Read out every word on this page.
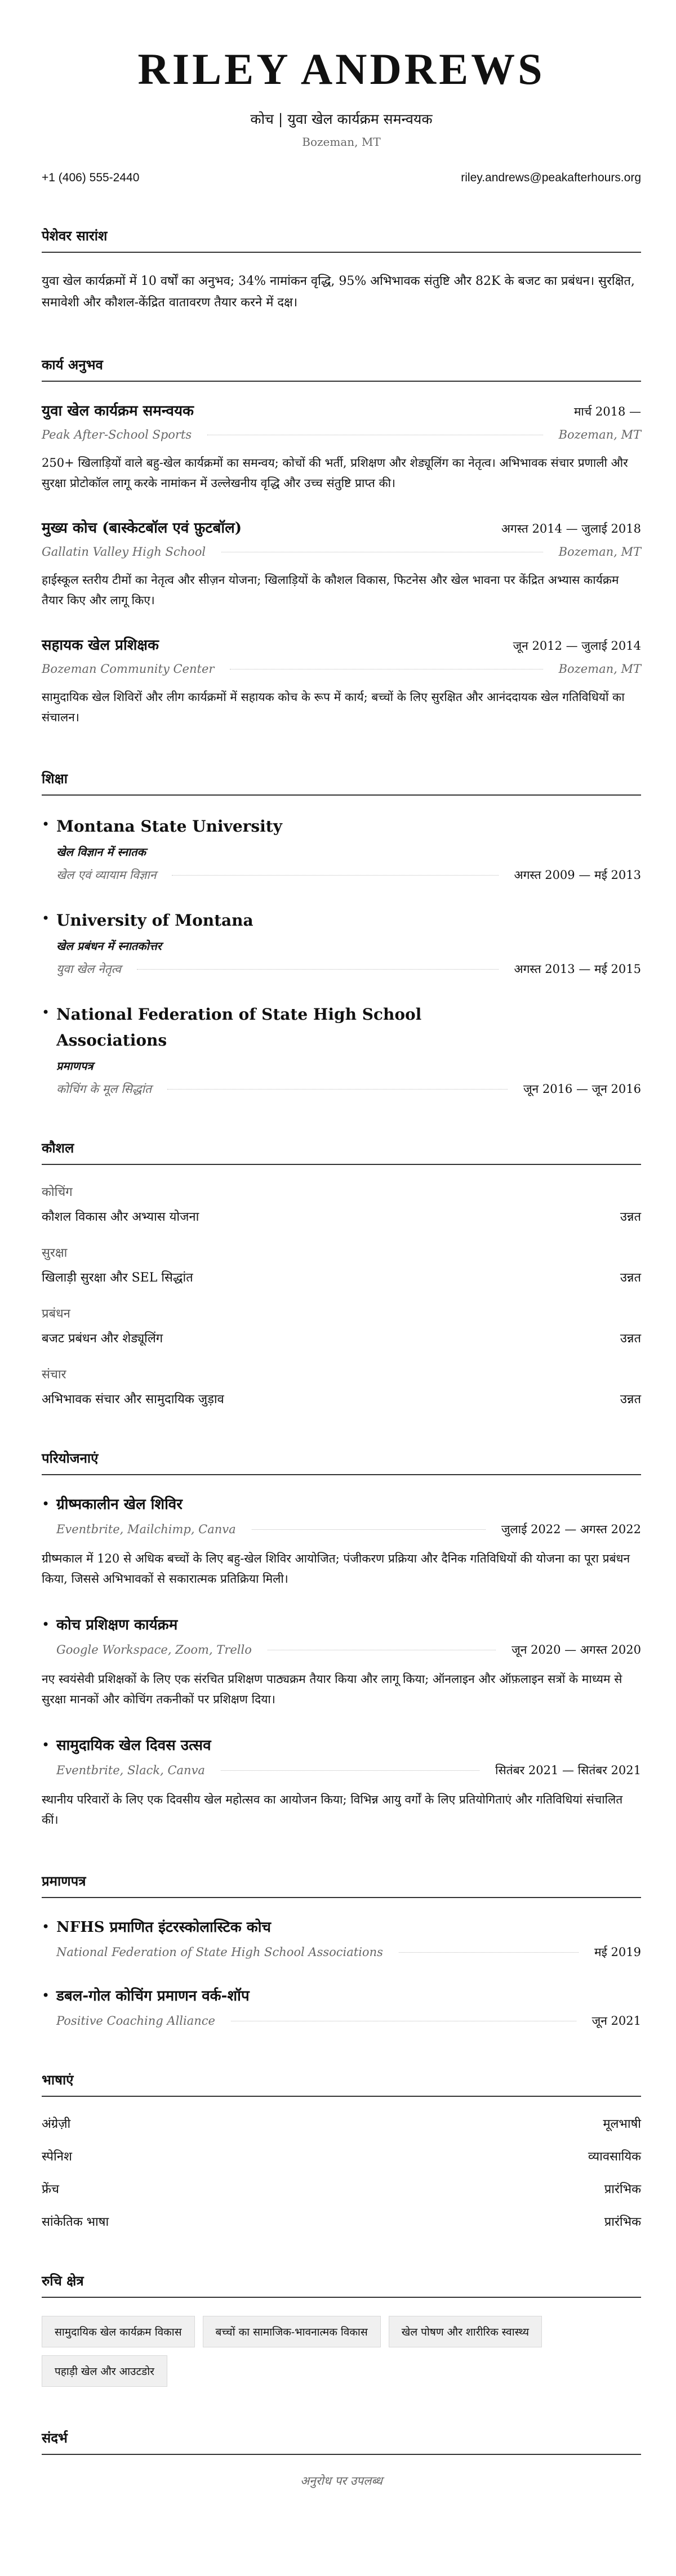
RILEY ANDREWS
कोच | युवा खेल कार्यक्रम समन्वयक
Bozeman, MT
+1 (406) 555-2440	riley.andrews@peakafterhours.org
पेशेवर सारांश
युवा खेल कार्यक्रमों में 10 वर्षों का अनुभव; 34% नामांकन वृद्धि, 95% अभिभावक संतुष्टि और 82K के बजट का प्रबंधन। सुरक्षित, समावेशी और कौशल-केंद्रित वातावरण तैयार करने में दक्ष।
कार्य अनुभव
युवा खेल कार्यक्रम समन्वयक	मार्च 2018 —
Peak After-School Sports	Bozeman, MT
250+ खिलाड़ियों वाले बहु-खेल कार्यक्रमों का समन्वय; कोचों की भर्ती, प्रशिक्षण और शेड्यूलिंग का नेतृत्व। अभिभावक संचार प्रणाली और सुरक्षा प्रोटोकॉल लागू करके नामांकन में उल्लेखनीय वृद्धि और उच्च संतुष्टि प्राप्त की।
मुख्य कोच (बास्केटबॉल एवं फ़ुटबॉल)	अगस्त 2014 — जुलाई 2018
Gallatin Valley High School	Bozeman, MT
हाईस्कूल स्तरीय टीमों का नेतृत्व और सीज़न योजना; खिलाड़ियों के कौशल विकास, फिटनेस और खेल भावना पर केंद्रित अभ्यास कार्यक्रम तैयार किए और लागू किए।
सहायक खेल प्रशिक्षक	जून 2012 — जुलाई 2014
Bozeman Community Center	Bozeman, MT
सामुदायिक खेल शिविरों और लीग कार्यक्रमों में सहायक कोच के रूप में कार्य; बच्चों के लिए सुरक्षित और आनंददायक खेल गतिविधियों का संचालन।
शिक्षा
• Montana State University
खेल विज्ञान में स्नातक
खेल एवं व्यायाम विज्ञान	अगस्त 2009 — मई 2013
• University of Montana
खेल प्रबंधन में स्नातकोत्तर
युवा खेल नेतृत्व	अगस्त 2013 — मई 2015
• National Federation of State High School Associations
प्रमाणपत्र
कोचिंग के मूल सिद्धांत	जून 2016 — जून 2016
कौशल
कोचिंग
कौशल विकास और अभ्यास योजना	उन्नत
सुरक्षा
खिलाड़ी सुरक्षा और SEL सिद्धांत	उन्नत
प्रबंधन
बजट प्रबंधन और शेड्यूलिंग	उन्नत
संचार
अभिभावक संचार और सामुदायिक जुड़ाव	उन्नत
परियोजनाएं
• ग्रीष्मकालीन खेल शिविर
Eventbrite, Mailchimp, Canva	जुलाई 2022 — अगस्त 2022
ग्रीष्मकाल में 120 से अधिक बच्चों के लिए बहु-खेल शिविर आयोजित; पंजीकरण प्रक्रिया और दैनिक गतिविधियों की योजना का पूरा प्रबंधन किया, जिससे अभिभावकों से सकारात्मक प्रतिक्रिया मिली।
• कोच प्रशिक्षण कार्यक्रम
Google Workspace, Zoom, Trello	जून 2020 — अगस्त 2020
नए स्वयंसेवी प्रशिक्षकों के लिए एक संरचित प्रशिक्षण पाठ्यक्रम तैयार किया और लागू किया; ऑनलाइन और ऑफ़लाइन सत्रों के माध्यम से सुरक्षा मानकों और कोचिंग तकनीकों पर प्रशिक्षण दिया।
• सामुदायिक खेल दिवस उत्सव
Eventbrite, Slack, Canva	सितंबर 2021 — सितंबर 2021
स्थानीय परिवारों के लिए एक दिवसीय खेल महोत्सव का आयोजन किया; विभिन्न आयु वर्गों के लिए प्रतियोगिताएं और गतिविधियां संचालित कीं।
प्रमाणपत्र
• NFHS प्रमाणित इंटरस्कोलास्टिक कोच
National Federation of State High School Associations	मई 2019
• डबल-गोल कोचिंग प्रमाणन वर्क-शॉप
Positive Coaching Alliance	जून 2021
भाषाएं
अंग्रेज़ी	मूलभाषी
स्पेनिश	व्यावसायिक
फ्रेंच	प्रारंभिक
सांकेतिक भाषा	प्रारंभिक
रुचि क्षेत्र
सामुदायिक खेल कार्यक्रम विकास	बच्चों का सामाजिक-भावनात्मक विकास	खेल पोषण और शारीरिक स्वास्थ्य
पहाड़ी खेल और आउटडोर
संदर्भ
अनुरोध पर उपलब्ध
